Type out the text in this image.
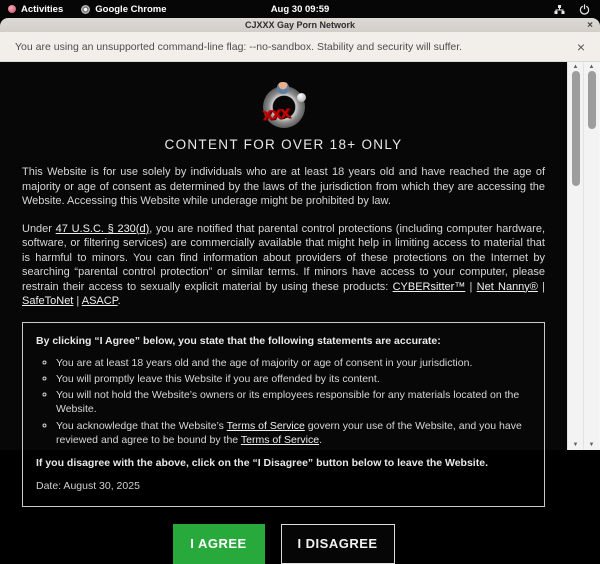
Activities	Google Chrome	Aug 30 09:59
CJXXX Gay Porn Network	×
You are using an unsupported command-line flag: --no-sandbox. Stability and security will suffer.	×
xxx
CONTENT FOR OVER 18+ ONLY

This Website is for use solely by individuals who are at least 18 years old and have reached the age of majority or age of consent as determined by the laws of the jurisdiction from which they are accessing the Website. Accessing this Website while underage might be prohibited by law.

Under 47 U.S.C. § 230(d), you are notified that parental control protections (including computer hardware, software, or filtering services) are commercially available that might help in limiting access to material that is harmful to minors. You can find information about providers of these protections on the Internet by searching “parental control protection” or similar terms. If minors have access to your computer, please restrain their access to sexually explicit material by using these products: CYBERsitter™ | Net Nanny® | SafeToNet | ASACP.

By clicking “I Agree” below, you state that the following statements are accurate:
◦ You are at least 18 years old and the age of majority or age of consent in your jurisdiction.
◦ You will promptly leave this Website if you are offended by its content.
◦ You will not hold the Website’s owners or its employees responsible for any materials located on the Website.
◦ You acknowledge that the Website’s Terms of Service govern your use of the Website, and you have reviewed and agree to be bound by the Terms of Service.
If you disagree with the above, click on the “I Disagree” button below to leave the Website.
Date: August 30, 2025
I AGREE	I DISAGREE
▲
▼
▲
▼
